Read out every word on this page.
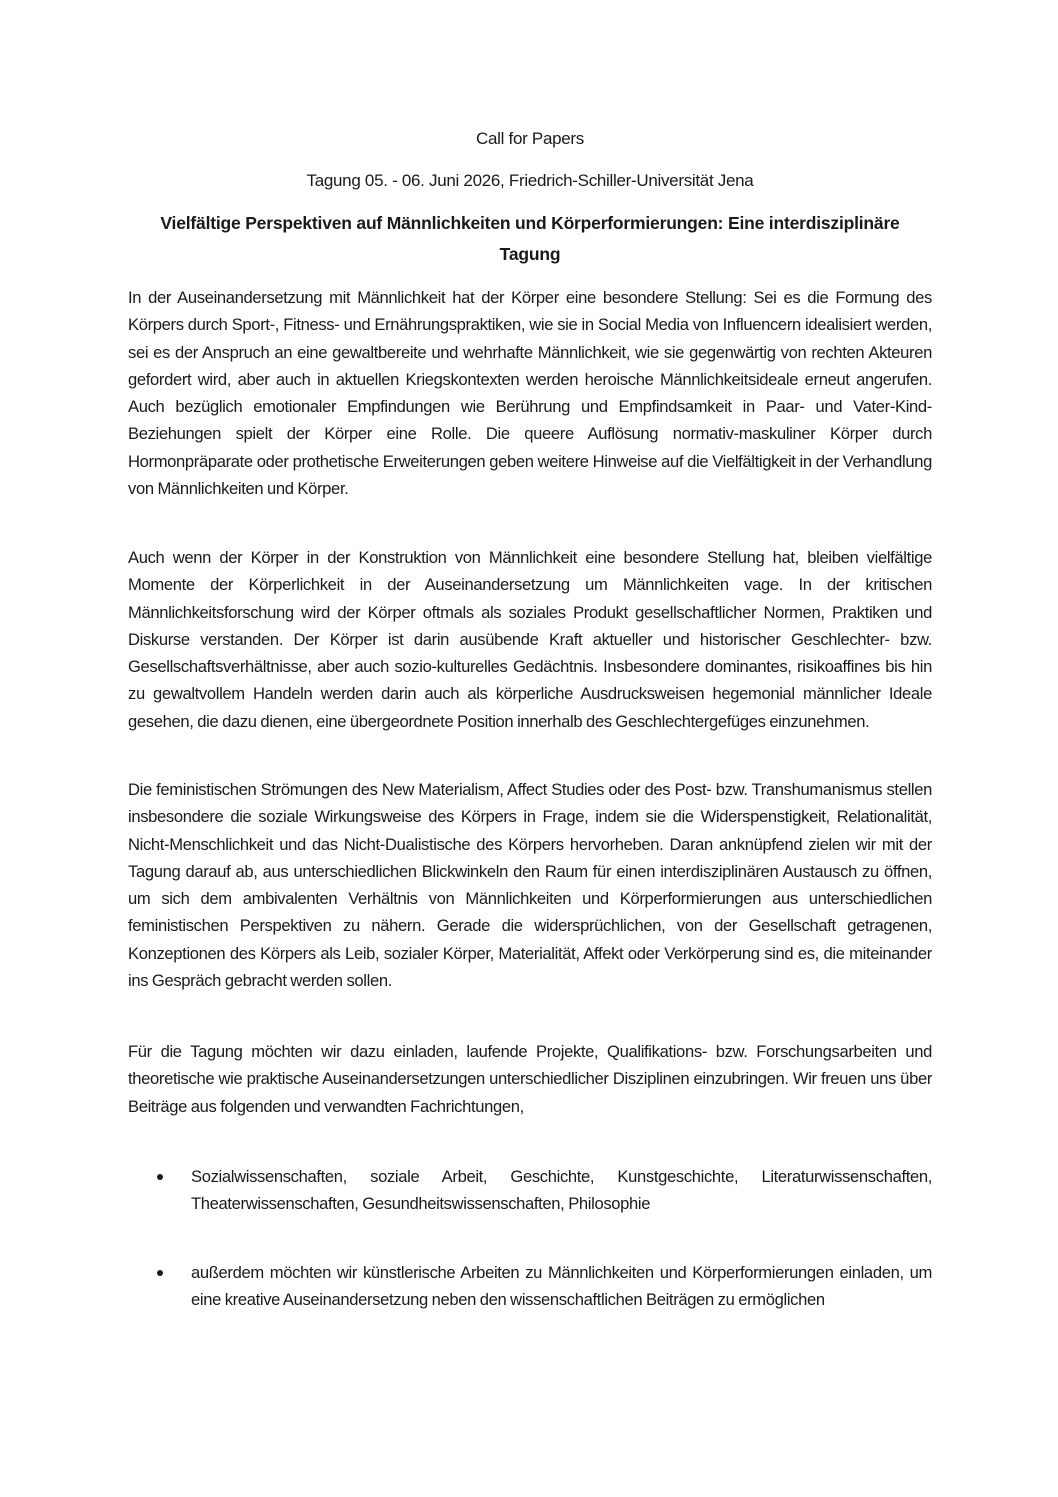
Call for Papers
Tagung 05. - 06. Juni 2026, Friedrich-Schiller-Universität Jena
Vielfältige Perspektiven auf Männlichkeiten und Körperformierungen: Eine interdisziplinäre Tagung

In der Auseinandersetzung mit Männlichkeit hat der Körper eine besondere Stellung: Sei es die Formung des Körpers durch Sport-, Fitness- und Ernährungspraktiken, wie sie in Social Media von Influencern idealisiert werden, sei es der Anspruch an eine gewaltbereite und wehrhafte Männlichkeit, wie sie gegenwärtig von rechten Akteuren gefordert wird, aber auch in aktuellen Kriegskontexten werden heroische Männlichkeitsideale erneut angerufen. Auch bezüglich emotionaler Empfindungen wie Berührung und Empfindsamkeit in Paar- und Vater-Kind-Beziehungen spielt der Körper eine Rolle. Die queere Auflösung normativ-maskuliner Körper durch Hormonpräparate oder prothetische Erweiterungen geben weitere Hinweise auf die Vielfältigkeit in der Verhandlung von Männlichkeiten und Körper.

Auch wenn der Körper in der Konstruktion von Männlichkeit eine besondere Stellung hat, bleiben vielfältige Momente der Körperlichkeit in der Auseinandersetzung um Männlichkeiten vage. In der kritischen Männlichkeitsforschung wird der Körper oftmals als soziales Produkt gesellschaftlicher Normen, Praktiken und Diskurse verstanden. Der Körper ist darin ausübende Kraft aktueller und historischer Geschlechter- bzw. Gesellschaftsverhältnisse, aber auch sozio-kulturelles Gedächtnis. Insbesondere dominantes, risikoaffines bis hin zu gewaltvollem Handeln werden darin auch als körperliche Ausdrucksweisen hegemonial männlicher Ideale gesehen, die dazu dienen, eine übergeordnete Position innerhalb des Geschlechtergefüges einzunehmen.

Die feministischen Strömungen des New Materialism, Affect Studies oder des Post- bzw. Transhumanismus stellen insbesondere die soziale Wirkungsweise des Körpers in Frage, indem sie die Widerspenstigkeit, Relationalität, Nicht-Menschlichkeit und das Nicht-Dualistische des Körpers hervorheben. Daran anknüpfend zielen wir mit der Tagung darauf ab, aus unterschiedlichen Blickwinkeln den Raum für einen interdisziplinären Austausch zu öffnen, um sich dem ambivalenten Verhältnis von Männlichkeiten und Körperformierungen aus unterschiedlichen feministischen Perspektiven zu nähern. Gerade die widersprüchlichen, von der Gesellschaft getragenen, Konzeptionen des Körpers als Leib, sozialer Körper, Materialität, Affekt oder Verkörperung sind es, die miteinander ins Gespräch gebracht werden sollen.

Für die Tagung möchten wir dazu einladen, laufende Projekte, Qualifikations- bzw. Forschungsarbeiten und theoretische wie praktische Auseinandersetzungen unterschiedlicher Disziplinen einzubringen. Wir freuen uns über Beiträge aus folgenden und verwandten Fachrichtungen,

Sozialwissenschaften, soziale Arbeit, Geschichte, Kunstgeschichte, Literaturwissenschaften, Theaterwissenschaften, Gesundheitswissenschaften, Philosophie
außerdem möchten wir künstlerische Arbeiten zu Männlichkeiten und Körperformierungen einladen, um eine kreative Auseinandersetzung neben den wissenschaftlichen Beiträgen zu ermöglichen
